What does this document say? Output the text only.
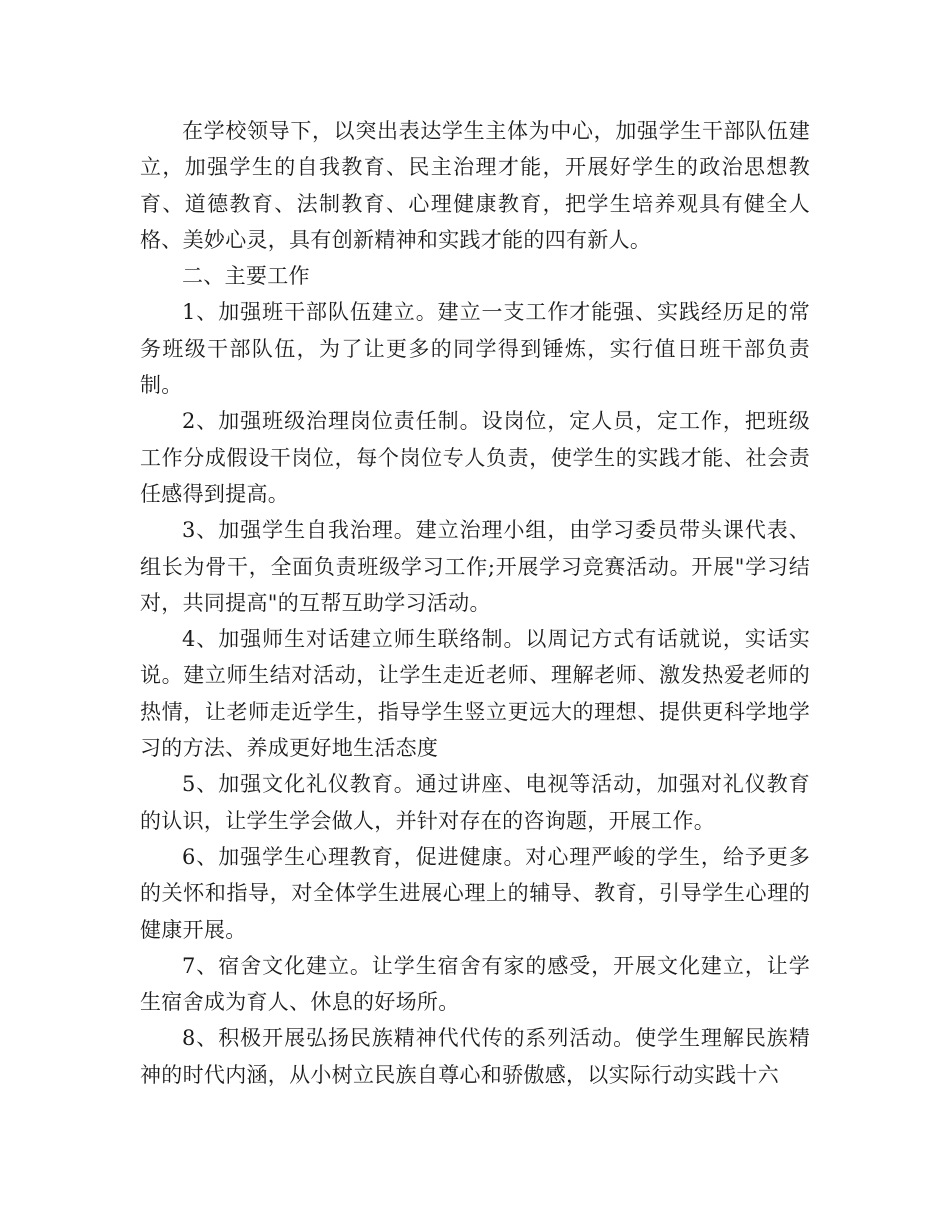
在学校领导下，以突出表达学生主体为中心，加强学生干部队伍建立，加强学生的自我教育、民主治理才能，开展好学生的政治思想教育、道德教育、法制教育、心理健康教育，把学生培养观具有健全人格、美妙心灵，具有创新精神和实践才能的四有新人。

二、主要工作

1、加强班干部队伍建立。建立一支工作才能强、实践经历足的常务班级干部队伍，为了让更多的同学得到锤炼，实行值日班干部负责制。

2、加强班级治理岗位责任制。设岗位，定人员，定工作，把班级工作分成假设干岗位，每个岗位专人负责，使学生的实践才能、社会责任感得到提高。

3、加强学生自我治理。建立治理小组，由学习委员带头课代表、组长为骨干，全面负责班级学习工作;开展学习竞赛活动。开展"学习结对，共同提高"的互帮互助学习活动。

4、加强师生对话建立师生联络制。以周记方式有话就说，实话实说。建立师生结对活动，让学生走近老师、理解老师、激发热爱老师的热情，让老师走近学生，指导学生竖立更远大的理想、提供更科学地学习的方法、养成更好地生活态度

5、加强文化礼仪教育。通过讲座、电视等活动，加强对礼仪教育的认识，让学生学会做人，并针对存在的咨询题，开展工作。

6、加强学生心理教育，促进健康。对心理严峻的学生，给予更多的关怀和指导，对全体学生进展心理上的辅导、教育，引导学生心理的健康开展。

7、宿舍文化建立。让学生宿舍有家的感受，开展文化建立，让学生宿舍成为育人、休息的好场所。

8、积极开展弘扬民族精神代代传的系列活动。使学生理解民族精神的时代内涵，从小树立民族自尊心和骄傲感，以实际行动实践十六
